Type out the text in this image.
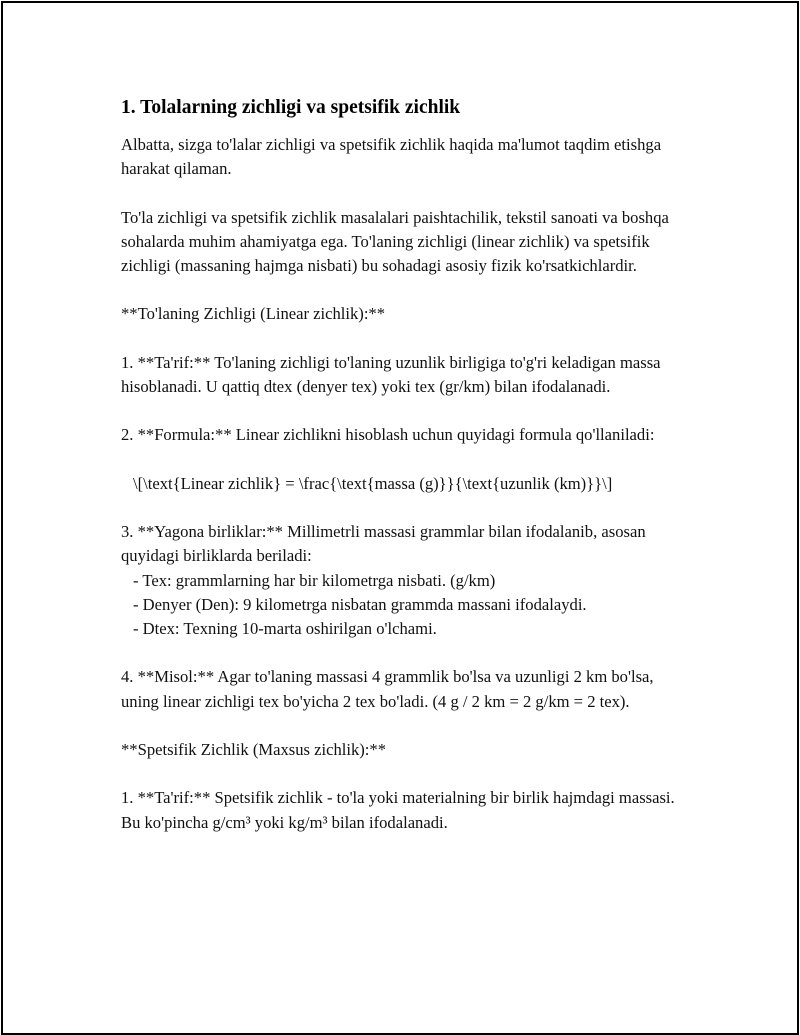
1. Tolalarning zichligi va spetsifik zichlik
Albatta, sizga to'lalar zichligi va spetsifik zichlik haqida ma'lumot taqdim etishga harakat qilaman.
To'la zichligi va spetsifik zichlik masalalari paishtachilik, tekstil sanoati va boshqa sohalarda muhim ahamiyatga ega. To'laning zichligi (linear zichlik) va spetsifik zichligi (massaning hajmga nisbati) bu sohadagi asosiy fizik ko'rsatkichlardir.
**To'laning Zichligi (Linear zichlik):**
1. **Ta'rif:** To'laning zichligi to'laning uzunlik birligiga to'g'ri keladigan massa hisoblanadi. U qattiq dtex (denyer tex) yoki tex (gr/km) bilan ifodalanadi.
2. **Formula:** Linear zichlikni hisoblash uchun quyidagi formula qo'llaniladi:
\[\text{Linear zichlik} = \frac{\text{massa (g)}}{\text{uzunlik (km)}}\]
3. **Yagona birliklar:** Millimetrli massasi grammlar bilan ifodalanib, asosan quyidagi birliklarda beriladi:
- Tex: grammlarning har bir kilometrga nisbati. (g/km)
- Denyer (Den): 9 kilometrga nisbatan grammda massani ifodalaydi.
- Dtex: Texning 10-marta oshirilgan o'lchami.
4. **Misol:** Agar to'laning massasi 4 grammlik bo'lsa va uzunligi 2 km bo'lsa, uning linear zichligi tex bo'yicha 2 tex bo'ladi. (4 g / 2 km = 2 g/km = 2 tex).
**Spetsifik Zichlik (Maxsus zichlik):**
1. **Ta'rif:** Spetsifik zichlik - to'la yoki materialning bir birlik hajmdagi massasi. Bu ko'pincha g/cm³ yoki kg/m³ bilan ifodalanadi.
